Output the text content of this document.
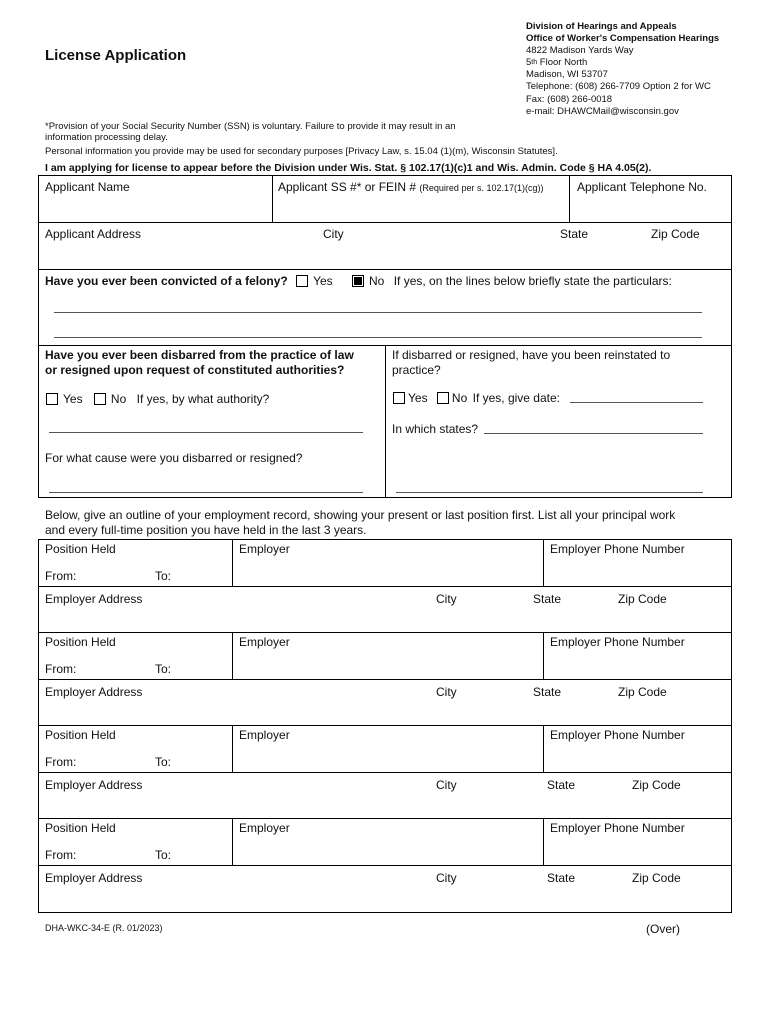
License Application
Division of Hearings and Appeals
Office of Worker's Compensation Hearings
4822 Madison Yards Way
5th Floor North
Madison, WI 53707
Telephone: (608) 266-7709 Option 2 for WC
Fax: (608) 266-0018
e-mail: DHAWCMail@wisconsin.gov
*Provision of your Social Security Number (SSN) is voluntary. Failure to provide it may result in an
information processing delay.
Personal information you provide may be used for secondary purposes [Privacy Law, s. 15.04 (1)(m), Wisconsin Statutes].
I am applying for license to appear before the Division under Wis. Stat. § 102.17(1)(c)1 and Wis. Admin. Code § HA 4.05(2).
Applicant Name	Applicant SS #* or FEIN # (Required per s. 102.17(1)(cg))	Applicant Telephone No.
Applicant Address	City	State	Zip Code
Have you ever been convicted of a felony? Yes	No If yes, on the lines below briefly state the particulars:
Have you ever been disbarred from the practice of law
or resigned upon request of constituted authorities?
Yes No If yes, by what authority?
For what cause were you disbarred or resigned?
If disbarred or resigned, have you been reinstated to
practice?
Yes No If yes, give date:
In which states?
Below, give an outline of your employment record, showing your present or last position first. List all your principal work
and every full-time position you have held in the last 3 years.
Position Held	Employer	Employer Phone Number
From:	To:
Employer Address	City	State	Zip Code
Position Held	Employer	Employer Phone Number
From:	To:
Employer Address	City	State	Zip Code
Position Held	Employer	Employer Phone Number
From:	To:
Employer Address	City	State	Zip Code
Position Held	Employer	Employer Phone Number
From:	To:
Employer Address	City	State	Zip Code
DHA-WKC-34-E (R. 01/2023)	(Over)
